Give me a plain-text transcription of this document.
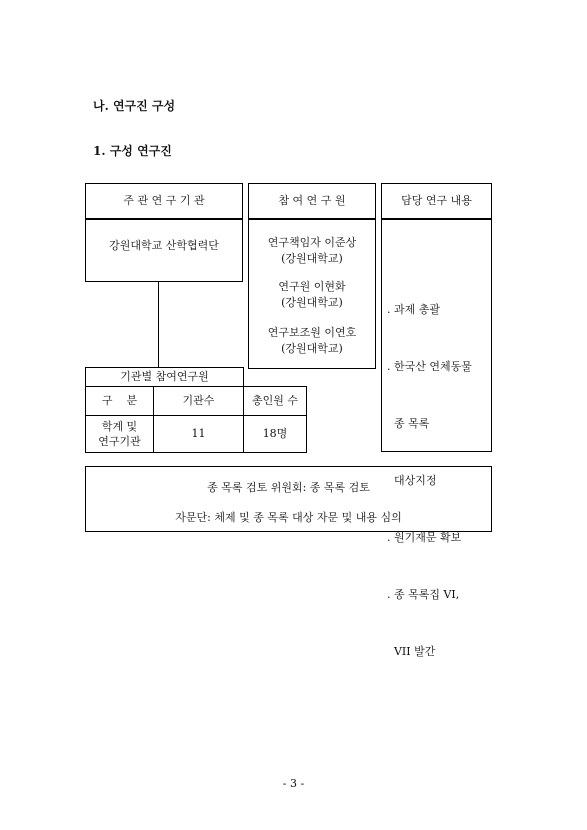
나. 연구진 구성
1. 구성 연구진
주 관 연 구 기 관
강원대학교 산학협력단
참 여 연 구 원
연구책임자 이준상
(강원대학교)
연구원 이현화
(강원대학교)
연구보조원 이연호
(강원대학교)
담당 연구 내용

. 과제 총괄

. 한국산 연체동물

종 목록

대상지정

. 원기재문 확보

. 종 목록집 VI,

VII 발간

기관별 참여연구원
구    분	기관수	총인원 수
학계 및
연구기관
11	18명
종 목록 검토 위원회: 종 목록 검토
자문단: 체제 및 종 목록 대상 자문 및 내용 심의
- 3 -
